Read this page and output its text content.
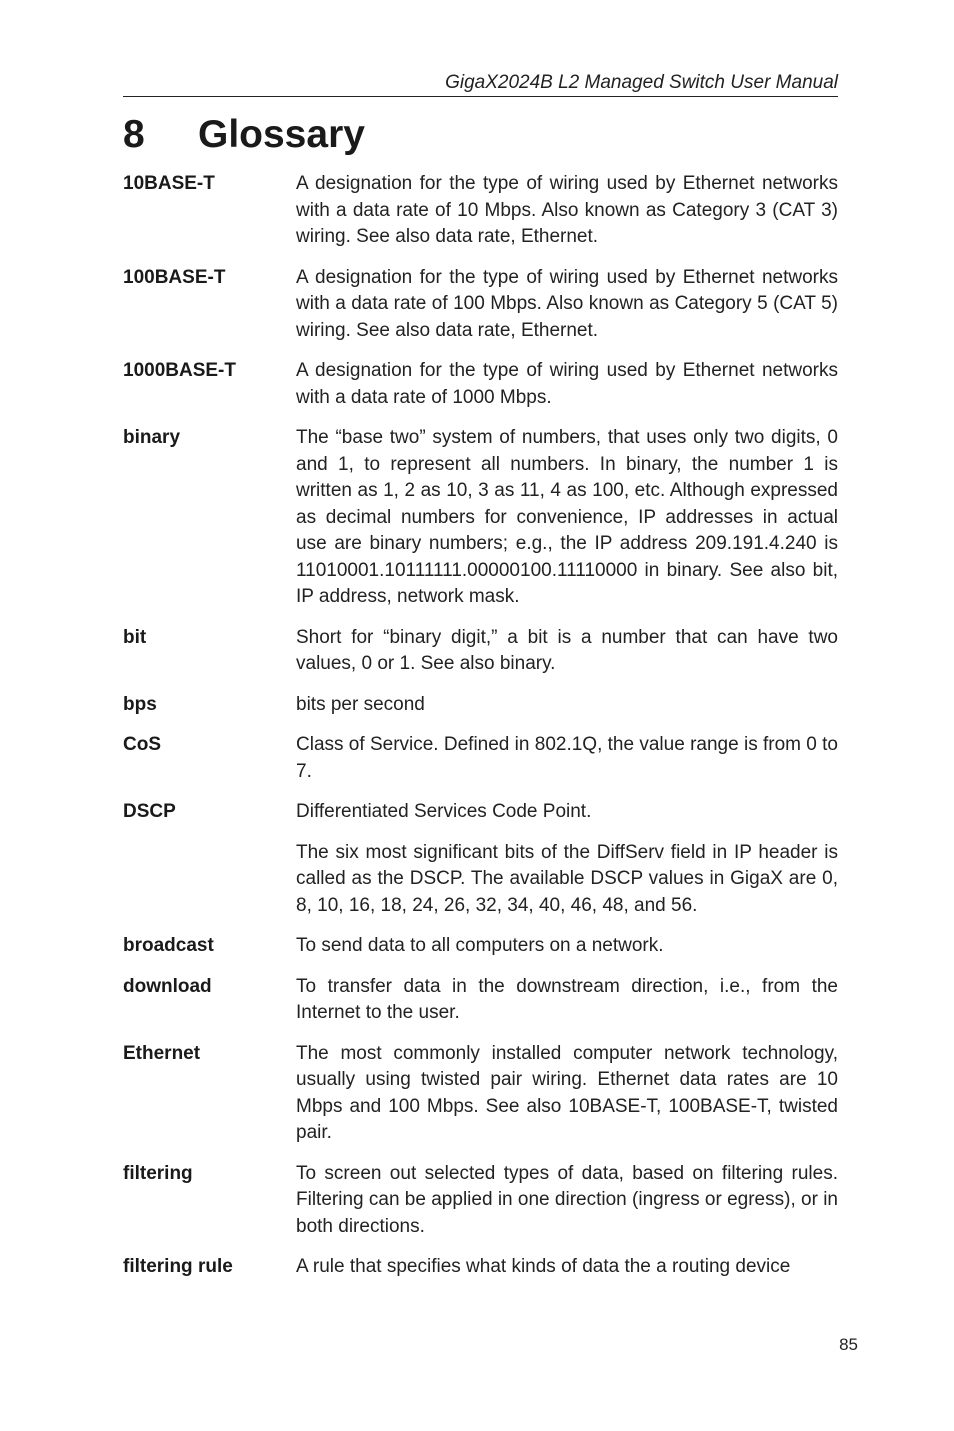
GigaX2024B L2 Managed Switch User Manual
8	Glossary
10BASE-T	A designation for the type of wiring used by Ethernet networks with a data rate of 10 Mbps. Also known as Category 3 (CAT 3) wiring. See also data rate, Ethernet.

100BASE-T	A designation for the type of wiring used by Ethernet networks with a data rate of 100 Mbps. Also known as Category 5 (CAT 5) wiring. See also data rate, Ethernet.

1000BASE-T	A designation for the type of wiring used by Ethernet networks with a data rate of 1000 Mbps.

binary	The “base two” system of numbers, that uses only two digits, 0 and 1, to represent all numbers. In binary, the number 1 is written as 1, 2 as 10, 3 as 11, 4 as 100, etc. Although expressed as decimal numbers for convenience, IP addresses in actual use are binary numbers; e.g., the IP address 209.191.4.240 is 11010001.10111111.00000100.11110000 in binary. See also bit, IP address, network mask.

bit	Short for “binary digit,” a bit is a number that can have two values, 0 or 1. See also binary.

bps	bits per second

CoS	Class of Service. Defined in 802.1Q, the value range is from 0 to 7.

DSCP	Differentiated Services Code Point.

The six most significant bits of the DiffServ field in IP header is called as the DSCP. The available DSCP values in GigaX are 0, 8, 10, 16, 18, 24, 26, 32, 34, 40, 46, 48, and 56.

broadcast	To send data to all computers on a network.

download	To transfer data in the downstream direction, i.e., from the Internet to the user.

Ethernet	The most commonly installed computer network technology, usually using twisted pair wiring. Ethernet data rates are 10 Mbps and 100 Mbps. See also 10BASE-T, 100BASE-T, twisted pair.

filtering	To screen out selected types of data, based on filtering rules. Filtering can be applied in one direction (ingress or egress), or in both directions.

filtering rule	A rule that specifies what kinds of data the a routing device

85
